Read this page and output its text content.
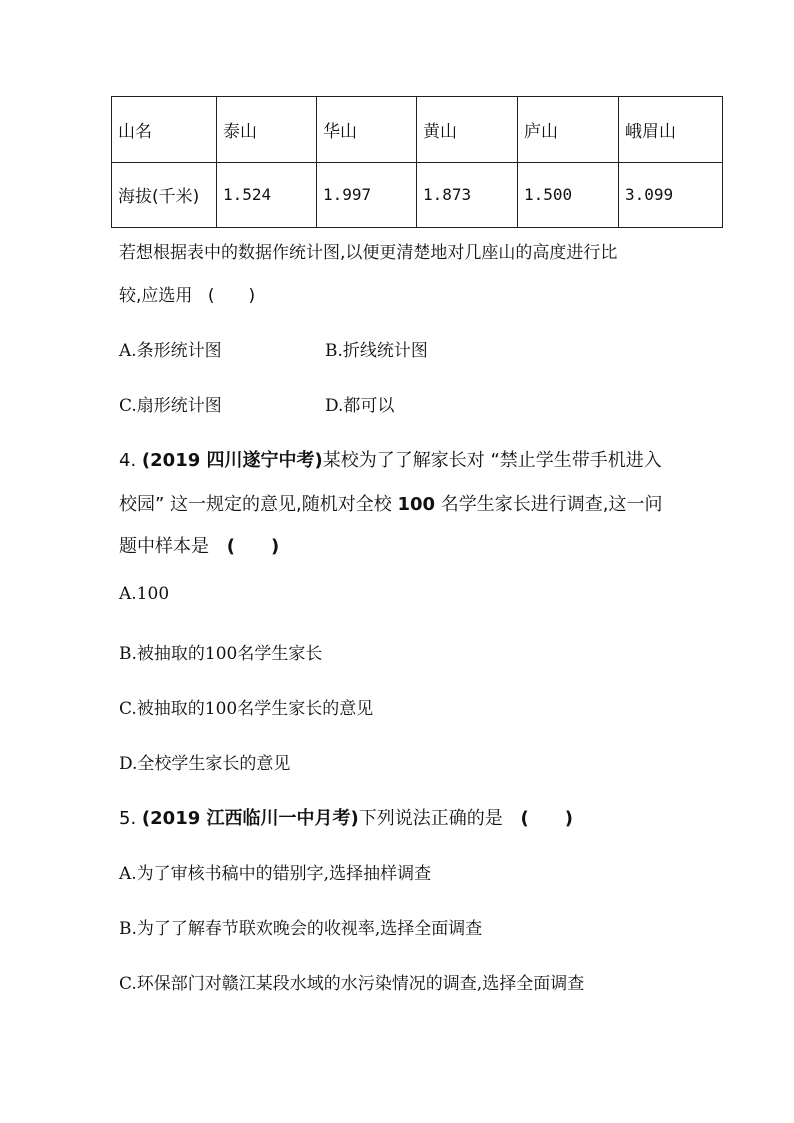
山名	泰山	华山	黄山	庐山	峨眉山
海拔(千米)	1.524	1.997	1.873	1.500	3.099
若想根据表中的数据作统计图,以便更清楚地对几座山的高度进行比
较,应选用 (　　)
A.条形统计图	B.折线统计图
C.扇形统计图	D.都可以
4. (2019 四川遂宁中考)某校为了了解家长对 “禁止学生带手机进入
校园” 这一规定的意见,随机对全校 100 名学生家长进行调查,这一问
题中样本是 (　　)
A.100
B.被抽取的100名学生家长
C.被抽取的100名学生家长的意见
D.全校学生家长的意见
5. (2019 江西临川一中月考)下列说法正确的是 (　　)
A.为了审核书稿中的错别字,选择抽样调查
B.为了了解春节联欢晚会的收视率,选择全面调查
C.环保部门对赣江某段水域的水污染情况的调查,选择全面调查
